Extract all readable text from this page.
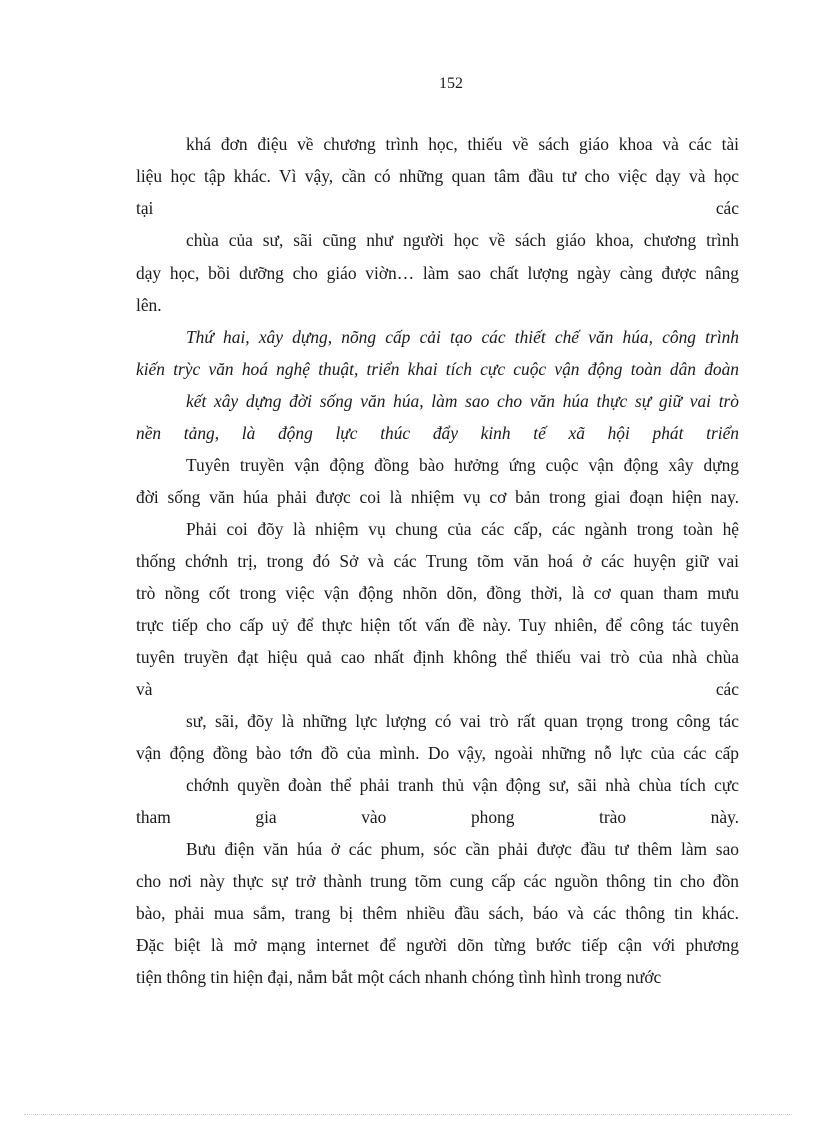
152
khá đơn điệu về chương trình học, thiếu về sách giáo khoa và các tài
liệu học tập khác. Vì vậy, cần có những quan tâm đầu tư cho việc dạy và học
tại các
chùa của sư, sãi cũng như người học về sách giáo khoa, chương trình
dạy học, bồi dưỡng cho giáo viờn… làm sao chất lượng ngày càng được nâng
lên.
Thứ hai, xây dựng, nõng cấp cải tạo các thiết chế văn húa, công trình
kiến trỳc văn hoá nghệ thuật, triển khai tích cực cuộc vận động toàn dân đoàn
kết xây dựng đời sống văn húa, làm sao cho văn húa thực sự giữ vai trò
nền tảng, là động lực thúc đẩy kinh tế xã hội phát triển
Tuyên truyền vận động đồng bào hưởng ứng cuộc vận động xây dựng
đời sống văn húa phải được coi là nhiệm vụ cơ bản trong giai đoạn hiện nay.
Phải coi đõy là nhiệm vụ chung của các cấp, các ngành trong toàn hệ
thống chớnh trị, trong đó Sở và các Trung tõm văn hoá ở các huyện giữ vai
trò nồng cốt trong việc vận động nhõn dõn, đồng thời, là cơ quan tham mưu
trực tiếp cho cấp uỷ để thực hiện tốt vấn đề này. Tuy nhiên, để công tác tuyên
tuyên truyền đạt hiệu quả cao nhất định không thể thiếu vai trò của nhà chùa
và các
sư, sãi, đõy là những lực lượng có vai trò rất quan trọng trong công tác
vận động đồng bào tớn đồ của mình. Do vậy, ngoài những nỗ lực của các cấp
chớnh quyền đoàn thể phải tranh thủ vận động sư, sãi nhà chùa tích cực
tham gia vào phong trào này.
Bưu điện văn húa ở các phum, sóc cần phải được đầu tư thêm làm sao
cho nơi này thực sự trở thành trung tõm cung cấp các nguồn thông tin cho đồn
bào, phải mua sắm, trang bị thêm nhiều đầu sách, báo và các thông tin khác.
Đặc biệt là mở mạng internet để người dõn từng bước tiếp cận với phương
tiện thông tin hiện đại, nắm bắt một cách nhanh chóng tình hình trong nước
